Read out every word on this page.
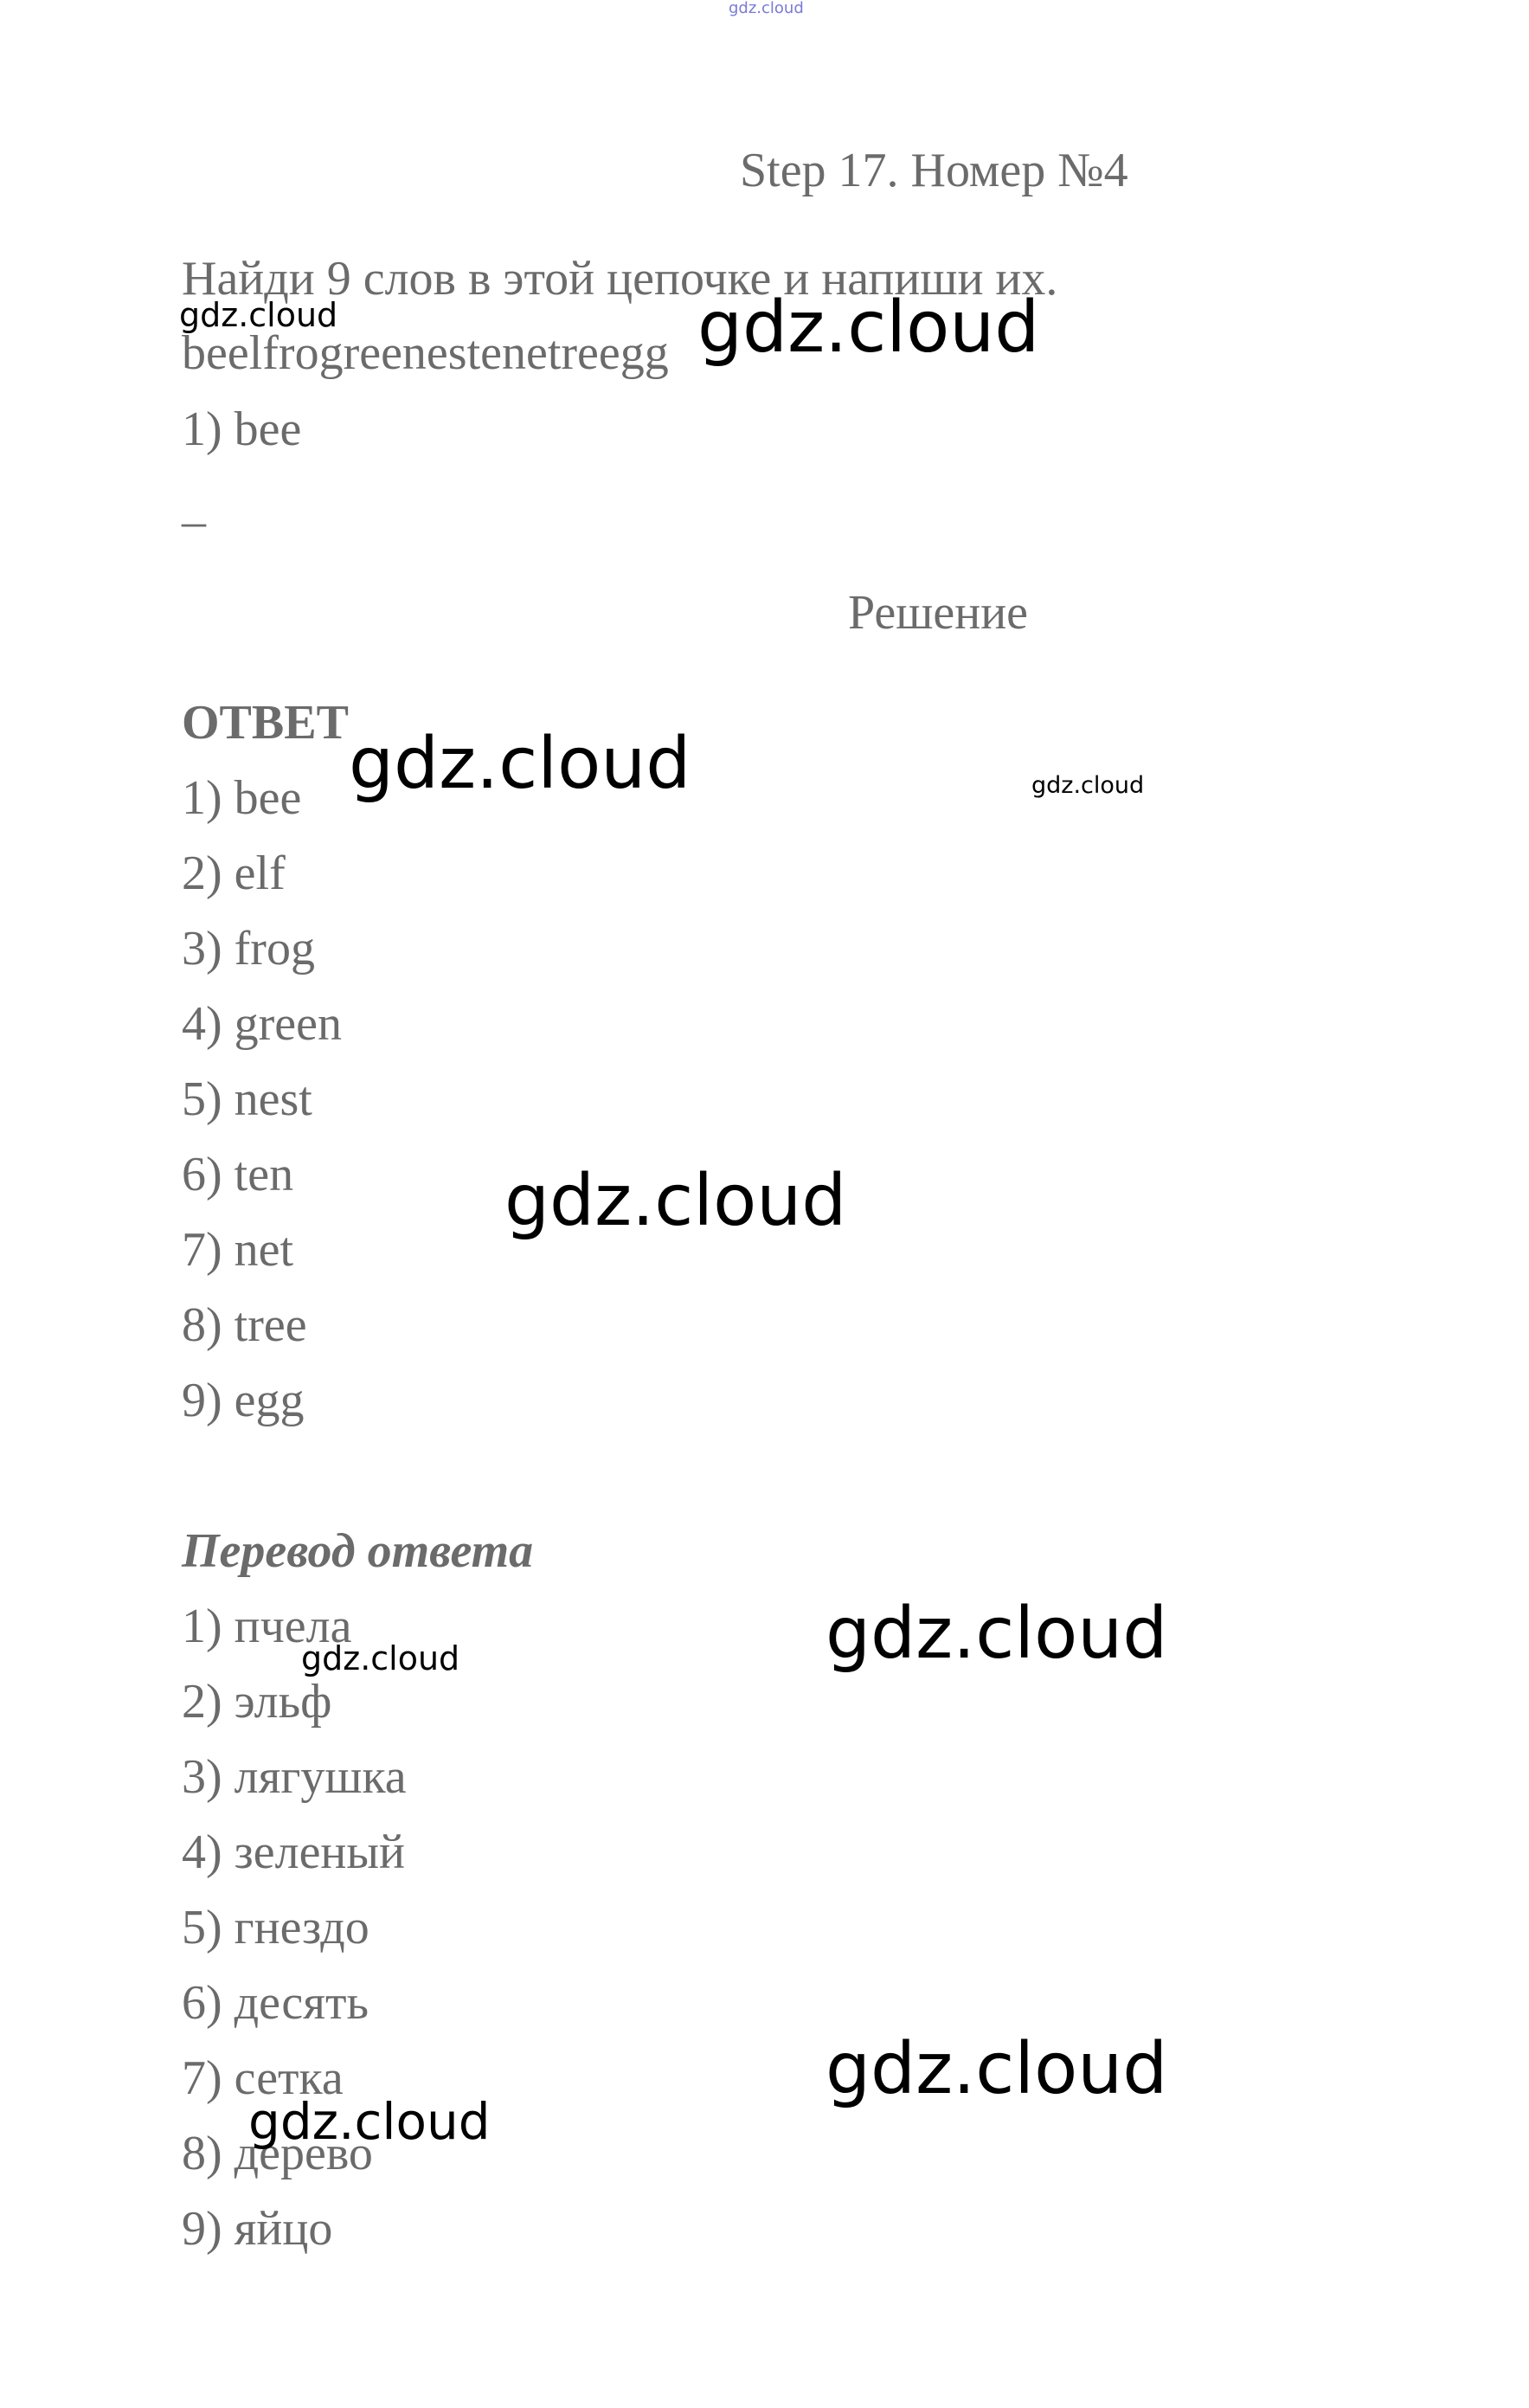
Step 17. Номер №4
Найди 9 слов в этой цепочке и напиши их.
beelfrogreenestenetreegg
1) bee
–
Решение
ОТВЕТ
1) bee
2) elf
3) frog
4) green
5) nest
6) ten
7) net
8) tree
9) egg
Перевод ответа
1) пчела
2) эльф
3) лягушка
4) зеленый
5) гнездо
6) десять
7) сетка
8) дерево
9) яйцо
gdz.cloud
gdz.cloud	gdz.cloud
gdz.cloud	gdz.cloud
gdz.cloud
gdz.cloud
gdz.cloud
gdz.cloud
gdz.cloud
